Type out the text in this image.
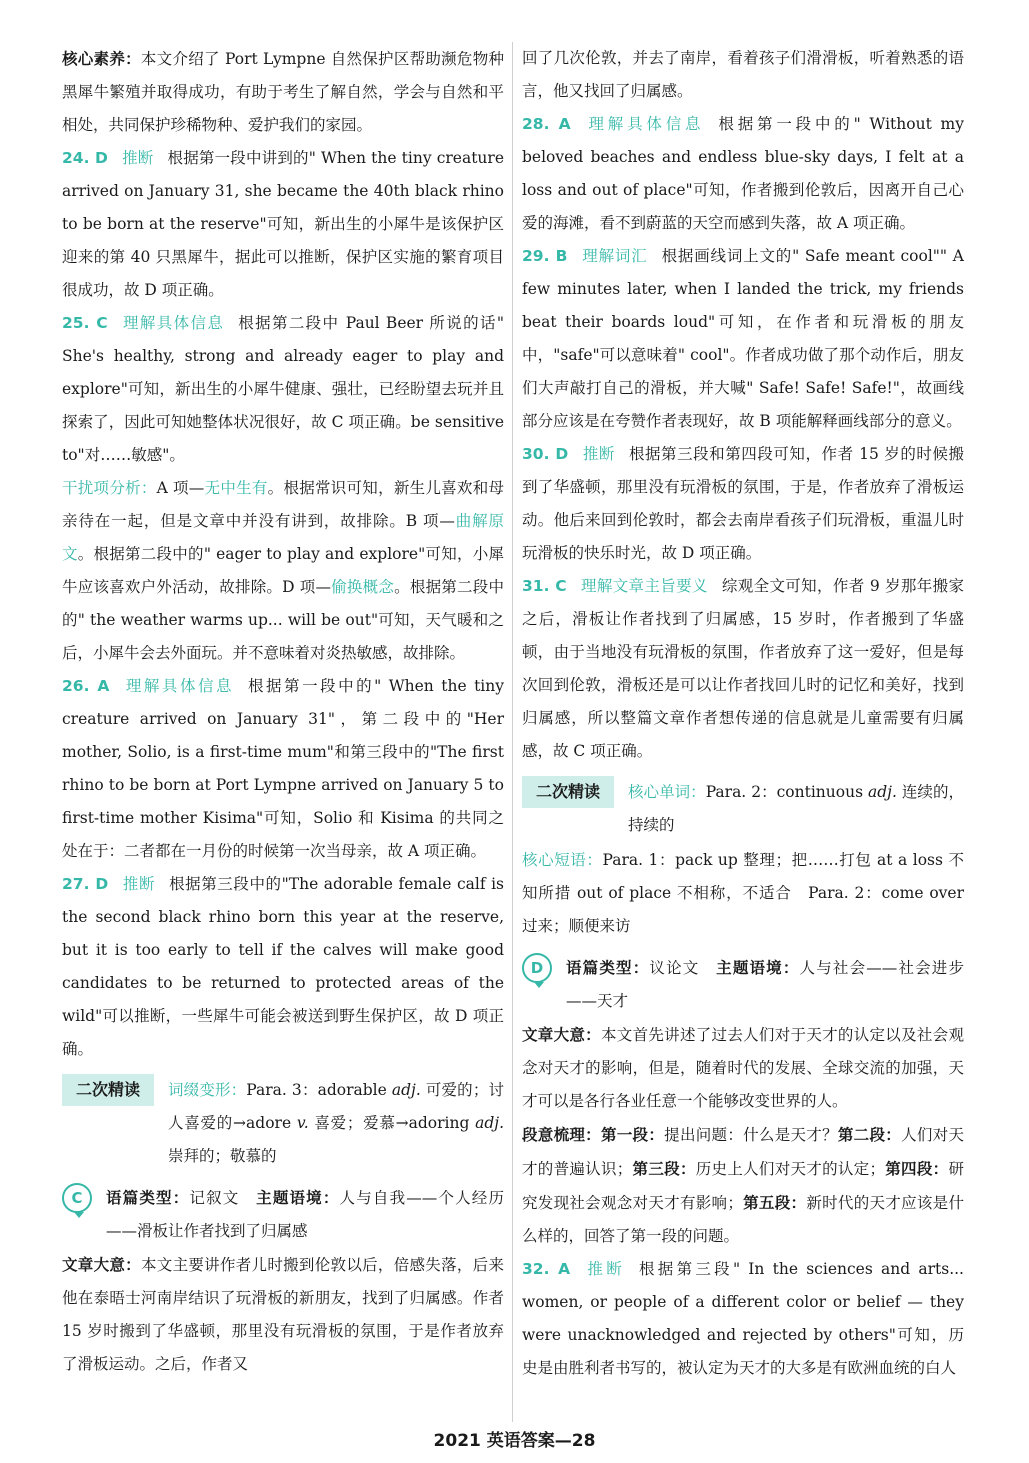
核心素养：本文介绍了 Port Lympne 自然保护区帮助濒危物种黑犀牛繁殖并取得成功，有助于考生了解自然，学会与自然和平相处，共同保护珍稀物种、爱护我们的家园。

24. D 推断 根据第一段中讲到的" When the tiny creature arrived on January 31, she became the 40th black rhino to be born at the reserve"可知，新出生的小犀牛是该保护区迎来的第 40 只黑犀牛，据此可以推断，保护区实施的繁育项目很成功，故 D 项正确。

25. C 理解具体信息 根据第二段中 Paul Beer 所说的话" She's healthy, strong and already eager to play and explore"可知，新出生的小犀牛健康、强壮，已经盼望去玩并且探索了，因此可知她整体状况很好，故 C 项正确。be sensitive to"对……敏感"。

干扰项分析：A 项—无中生有。根据常识可知，新生儿喜欢和母亲待在一起，但是文章中并没有讲到，故排除。B 项—曲解原文。根据第二段中的" eager to play and explore"可知，小犀牛应该喜欢户外活动，故排除。D 项—偷换概念。根据第二段中的" the weather warms up... will be out"可知，天气暖和之后，小犀牛会去外面玩。并不意味着对炎热敏感，故排除。

26. A 理解具体信息 根据第一段中的" When the tiny creature arrived on January 31"，第二段中的"Her mother, Solio, is a first-time mum"和第三段中的"The first rhino to be born at Port Lympne arrived on January 5 to first-time mother Kisima"可知，Solio 和 Kisima 的共同之处在于：二者都在一月份的时候第一次当母亲，故 A 项正确。

27. D 推断 根据第三段中的"The adorable female calf is the second black rhino born this year at the reserve, but it is too early to tell if the calves will make good candidates to be returned to protected areas of the wild"可以推断，一些犀牛可能会被送到野生保护区，故 D 项正确。

二次精读	词缀变形：Para. 3：adorable adj. 可爱的；讨人喜爱的→adore v. 喜爱；爱慕→adoring adj. 崇拜的；敬慕的
C	语篇类型：记叙文　 主题语境：人与自我——个人经历——滑板让作者找到了归属感

文章大意：本文主要讲作者儿时搬到伦敦以后，倍感失落，后来他在泰晤士河南岸结识了玩滑板的新朋友，找到了归属感。作者 15 岁时搬到了华盛顿，那里没有玩滑板的氛围，于是作者放弃了滑板运动。之后，作者又

回了几次伦敦，并去了南岸，看着孩子们滑滑板，听着熟悉的语言，他又找回了归属感。

28. A 理解具体信息 根据第一段中的" Without my beloved beaches and endless blue-sky days, I felt at a loss and out of place"可知，作者搬到伦敦后，因离开自己心爱的海滩，看不到蔚蓝的天空而感到失落，故 A 项正确。

29. B 理解词汇 根据画线词上文的" Safe meant cool"" A few minutes later, when I landed the trick, my friends beat their boards loud"可知，在作者和玩滑板的朋友中，"safe"可以意味着" cool"。作者成功做了那个动作后，朋友们大声敲打自己的滑板，并大喊" Safe! Safe! Safe!"，故画线部分应该是在夸赞作者表现好，故 B 项能解释画线部分的意义。

30. D 推断 根据第三段和第四段可知，作者 15 岁的时候搬到了华盛顿，那里没有玩滑板的氛围，于是，作者放弃了滑板运动。他后来回到伦敦时，都会去南岸看孩子们玩滑板，重温儿时玩滑板的快乐时光，故 D 项正确。

31. C 理解文章主旨要义 综观全文可知，作者 9 岁那年搬家之后，滑板让作者找到了归属感，15 岁时，作者搬到了华盛顿，由于当地没有玩滑板的氛围，作者放弃了这一爱好，但是每次回到伦敦，滑板还是可以让作者找回儿时的记忆和美好，找到归属感，所以整篇文章作者想传递的信息就是儿童需要有归属感，故 C 项正确。

二次精读	核心单词：Para. 2：continuous adj. 连续的，持续的

核心短语：Para. 1：pack up 整理；把……打包 at a loss 不知所措 out of place 不相称，不适合　Para. 2：come over 过来；顺便来访

D	语篇类型：议论文　 主题语境：人与社会——社会进步——天才

文章大意：本文首先讲述了过去人们对于天才的认定以及社会观念对天才的影响，但是，随着时代的发展、全球交流的加强，天才可以是各行各业任意一个能够改变世界的人。

段意梳理：第一段：提出问题：什么是天才？第二段：人们对天才的普遍认识；第三段：历史上人们对天才的认定；第四段：研究发现社会观念对天才有影响；第五段：新时代的天才应该是什么样的，回答了第一段的问题。

32. A 推断 根据第三段" In the sciences and arts... women, or people of a different color or belief — they were unacknowledged and rejected by others"可知，历史是由胜利者书写的，被认定为天才的大多是有欧洲血统的白人

2021 英语答案—28
